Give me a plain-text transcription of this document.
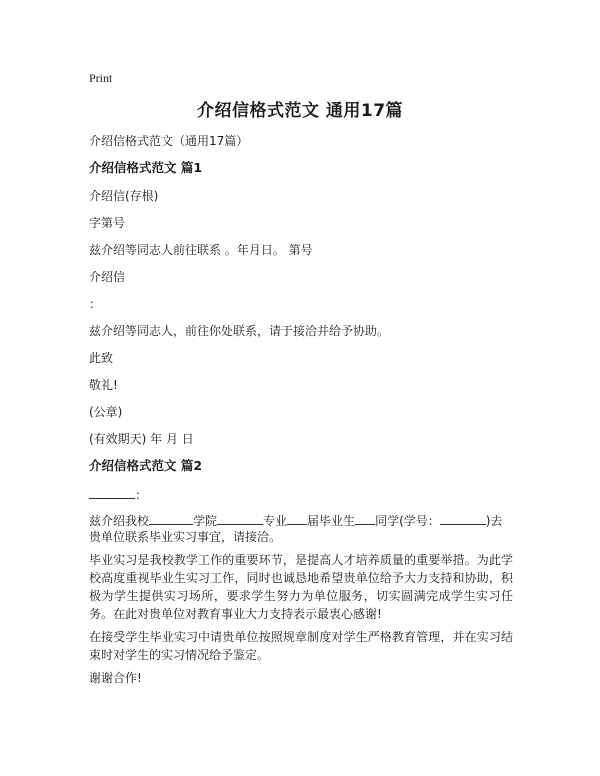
Print
介绍信格式范文 通用17篇
介绍信格式范文（通用17篇）
介绍信格式范文 篇1
介绍信(存根)
字第号
兹介绍等同志人前往联系 。年月日。 第号
介绍信
：
兹介绍等同志人，前往你处联系，请于接洽并给予协助。
此致
敬礼!
(公章)
(有效期天) 年 月 日
介绍信格式范文 篇2
：
兹介绍我校	学院	专业 届毕业生 同学(学号：	)去
贵单位联系毕业实习事宜，请接洽。
毕业实习是我校教学工作的重要环节，是提高人才培养质量的重要举措。为此学校高度重视毕业生实习工作，同时也诚恳地希望贵单位给予大力支持和协助，积极为学生提供实习场所，要求学生努力为单位服务，切实圆满完成学生实习任务。在此对贵单位对教育事业大力支持表示最衷心感谢!
在接受学生毕业实习中请贵单位按照规章制度对学生严格教育管理，并在实习结束时对学生的实习情况给予鉴定。
谢谢合作!
